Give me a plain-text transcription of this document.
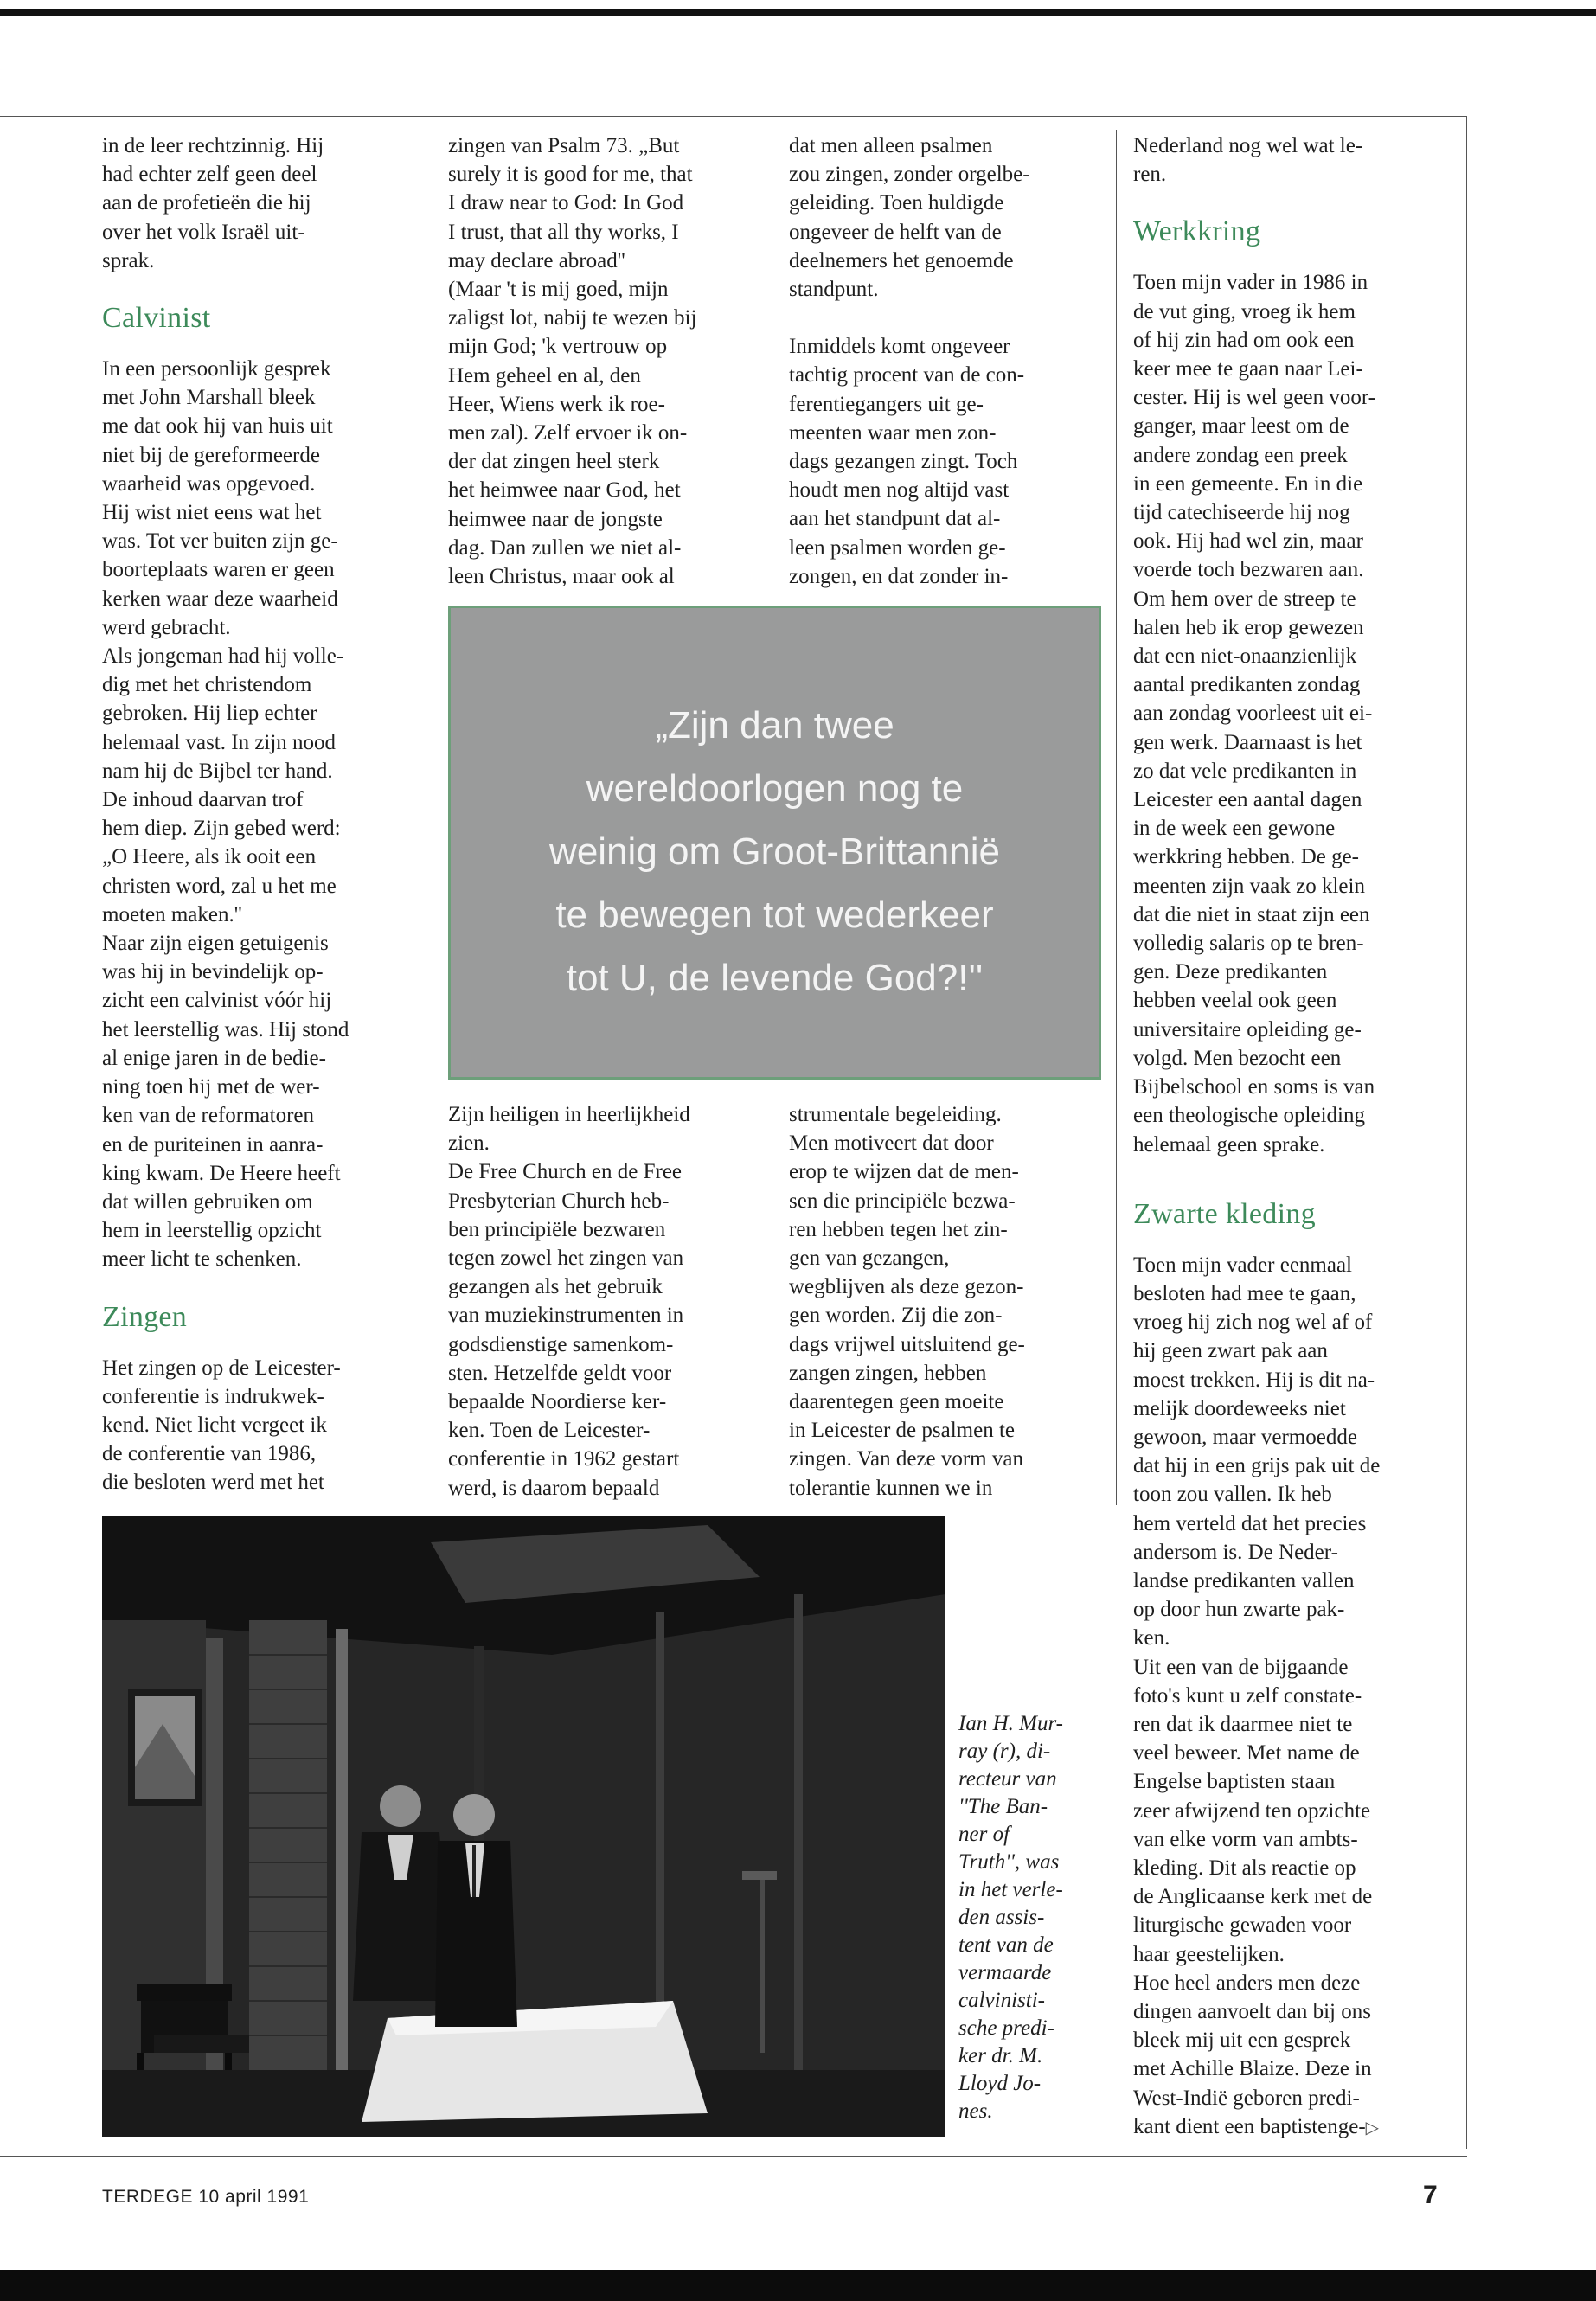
in de leer rechtzinnig. Hij

had echter zelf geen deel

aan de profetieën die hij

over het volk Israël uit-

sprak.

Calvinist

In een persoonlijk gesprek

met John Marshall bleek

me dat ook hij van huis uit

niet bij de gereformeerde

waarheid was opgevoed.

Hij wist niet eens wat het

was. Tot ver buiten zijn ge-

boorteplaats waren er geen

kerken waar deze waarheid

werd gebracht.

Als jongeman had hij volle-

dig met het christendom

gebroken. Hij liep echter

helemaal vast. In zijn nood

nam hij de Bijbel ter hand.

De inhoud daarvan trof

hem diep. Zijn gebed werd:

„O Heere, als ik ooit een

christen word, zal u het me

moeten maken.''

Naar zijn eigen getuigenis

was hij in bevindelijk op-

zicht een calvinist vóór hij

het leerstellig was. Hij stond

al enige jaren in de bedie-

ning toen hij met de wer-

ken van de reformatoren

en de puriteinen in aanra-

king kwam. De Heere heeft

dat willen gebruiken om

hem in leerstellig opzicht

meer licht te schenken.

Zingen

Het zingen op de Leicester-

conferentie is indrukwek-

kend. Niet licht vergeet ik

de conferentie van 1986,

die besloten werd met het

zingen van Psalm 73. „But

surely it is good for me, that

I draw near to God: In God

I trust, that all thy works, I

may declare abroad''

(Maar 't is mij goed, mijn

zaligst lot, nabij te wezen bij

mijn God; 'k vertrouw op

Hem geheel en al, den

Heer, Wiens werk ik roe-

men zal). Zelf ervoer ik on-

der dat zingen heel sterk

het heimwee naar God, het

heimwee naar de jongste

dag. Dan zullen we niet al-

leen Christus, maar ook al

dat men alleen psalmen

zou zingen, zonder orgelbe-

geleiding. Toen huldigde

ongeveer de helft van de

deelnemers het genoemde

standpunt.

Inmiddels komt ongeveer

tachtig procent van de con-

ferentiegangers uit ge-

meenten waar men zon-

dags gezangen zingt. Toch

houdt men nog altijd vast

aan het standpunt dat al-

leen psalmen worden ge-

zongen, en dat zonder in-

„Zijn dan twee
wereldoorlogen nog te
weinig om Groot-Brittannië
te bewegen tot wederkeer
tot U, de levende God?!''

Zijn heiligen in heerlijkheid

zien.

De Free Church en de Free

Presbyterian Church heb-

ben principiële bezwaren

tegen zowel het zingen van

gezangen als het gebruik

van muziekinstrumenten in

godsdienstige samenkom-

sten. Hetzelfde geldt voor

bepaalde Noordierse ker-

ken. Toen de Leicester-

conferentie in 1962 gestart

werd, is daarom bepaald

strumentale begeleiding.

Men motiveert dat door

erop te wijzen dat de men-

sen die principiële bezwa-

ren hebben tegen het zin-

gen van gezangen,

wegblijven als deze gezon-

gen worden. Zij die zon-

dags vrijwel uitsluitend ge-

zangen zingen, hebben

daarentegen geen moeite

in Leicester de psalmen te

zingen. Van deze vorm van

tolerantie kunnen we in

Nederland nog wel wat le-

ren.

Werkkring

Toen mijn vader in 1986 in

de vut ging, vroeg ik hem

of hij zin had om ook een

keer mee te gaan naar Lei-

cester. Hij is wel geen voor-

ganger, maar leest om de

andere zondag een preek

in een gemeente. En in die

tijd catechiseerde hij nog

ook. Hij had wel zin, maar

voerde toch bezwaren aan.

Om hem over de streep te

halen heb ik erop gewezen

dat een niet-onaanzienlijk

aantal predikanten zondag

aan zondag voorleest uit ei-

gen werk. Daarnaast is het

zo dat vele predikanten in

Leicester een aantal dagen

in de week een gewone

werkkring hebben. De ge-

meenten zijn vaak zo klein

dat die niet in staat zijn een

volledig salaris op te bren-

gen. Deze predikanten

hebben veelal ook geen

universitaire opleiding ge-

volgd. Men bezocht een

Bijbelschool en soms is van

een theologische opleiding

helemaal geen sprake.

Zwarte kleding

Toen mijn vader eenmaal

besloten had mee te gaan,

vroeg hij zich nog wel af of

hij geen zwart pak aan

moest trekken. Hij is dit na-

melijk doordeweeks niet

gewoon, maar vermoedde

dat hij in een grijs pak uit de

toon zou vallen. Ik heb

hem verteld dat het precies

andersom is. De Neder-

landse predikanten vallen

op door hun zwarte pak-

ken.

Uit een van de bijgaande

foto's kunt u zelf constate-

ren dat ik daarmee niet te

veel beweer. Met name de

Engelse baptisten staan

zeer afwijzend ten opzichte

van elke vorm van ambts-

kleding. Dit als reactie op

de Anglicaanse kerk met de

liturgische gewaden voor

haar geestelijken.

Hoe heel anders men deze

dingen aanvoelt dan bij ons

bleek mij uit een gesprek

met Achille Blaize. Deze in

West-Indië geboren predi-

kant dient een baptistenge-▷

Ian H. Mur-
ray (r), di-
recteur van
''The Ban-
ner of
Truth'', was
in het verle-
den assis-
tent van de
vermaarde
calvinisti-
sche predi-
ker dr. M.
Lloyd Jo-
nes.
TERDEGE 10 april 1991	7
